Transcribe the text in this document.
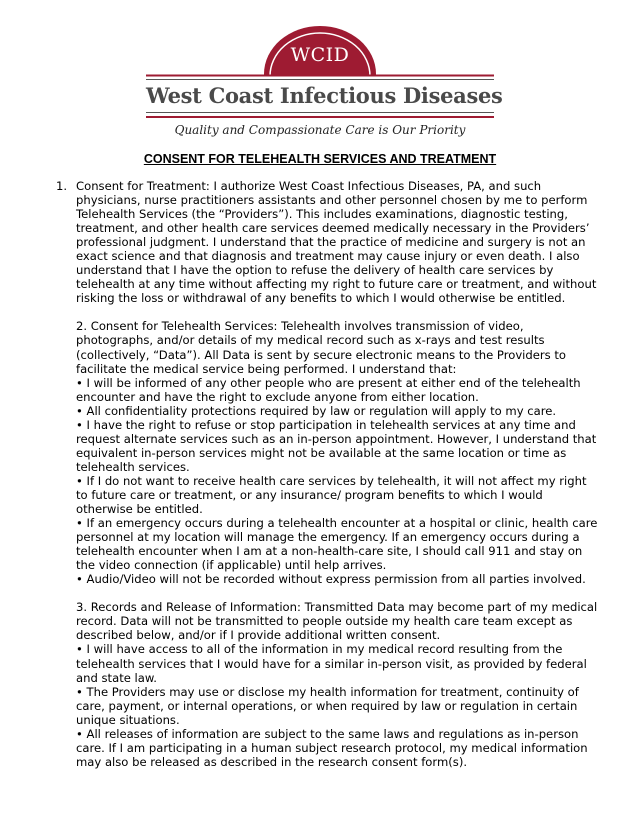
WCID
West Coast Infectious Diseases
Quality and Compassionate Care is Our Priority
CONSENT FOR TELEHEALTH SERVICES AND TREATMENT
1. Consent for Treatment: I authorize West Coast Infectious Diseases, PA, and such
physicians, nurse practitioners assistants and other personnel chosen by me to perform
Telehealth Services (the “Providers”). This includes examinations, diagnostic testing,
treatment, and other health care services deemed medically necessary in the Providers’
professional judgment. I understand that the practice of medicine and surgery is not an
exact science and that diagnosis and treatment may cause injury or even death. I also
understand that I have the option to refuse the delivery of health care services by
telehealth at any time without affecting my right to future care or treatment, and without
risking the loss or withdrawal of any benefits to which I would otherwise be entitled.
2. Consent for Telehealth Services: Telehealth involves transmission of video,
photographs, and/or details of my medical record such as x-rays and test results
(collectively, “Data”). All Data is sent by secure electronic means to the Providers to
facilitate the medical service being performed. I understand that:
• I will be informed of any other people who are present at either end of the telehealth
encounter and have the right to exclude anyone from either location.
• All confidentiality protections required by law or regulation will apply to my care.
• I have the right to refuse or stop participation in telehealth services at any time and
request alternate services such as an in-person appointment. However, I understand that
equivalent in-person services might not be available at the same location or time as
telehealth services.
• If I do not want to receive health care services by telehealth, it will not affect my right
to future care or treatment, or any insurance/ program benefits to which I would
otherwise be entitled.
• If an emergency occurs during a telehealth encounter at a hospital or clinic, health care
personnel at my location will manage the emergency. If an emergency occurs during a
telehealth encounter when I am at a non-health-care site, I should call 911 and stay on
the video connection (if applicable) until help arrives.
• Audio/Video will not be recorded without express permission from all parties involved.
3. Records and Release of Information: Transmitted Data may become part of my medical
record. Data will not be transmitted to people outside my health care team except as
described below, and/or if I provide additional written consent.
• I will have access to all of the information in my medical record resulting from the
telehealth services that I would have for a similar in-person visit, as provided by federal
and state law.
• The Providers may use or disclose my health information for treatment, continuity of
care, payment, or internal operations, or when required by law or regulation in certain
unique situations.
• All releases of information are subject to the same laws and regulations as in-person
care. If I am participating in a human subject research protocol, my medical information
may also be released as described in the research consent form(s).
